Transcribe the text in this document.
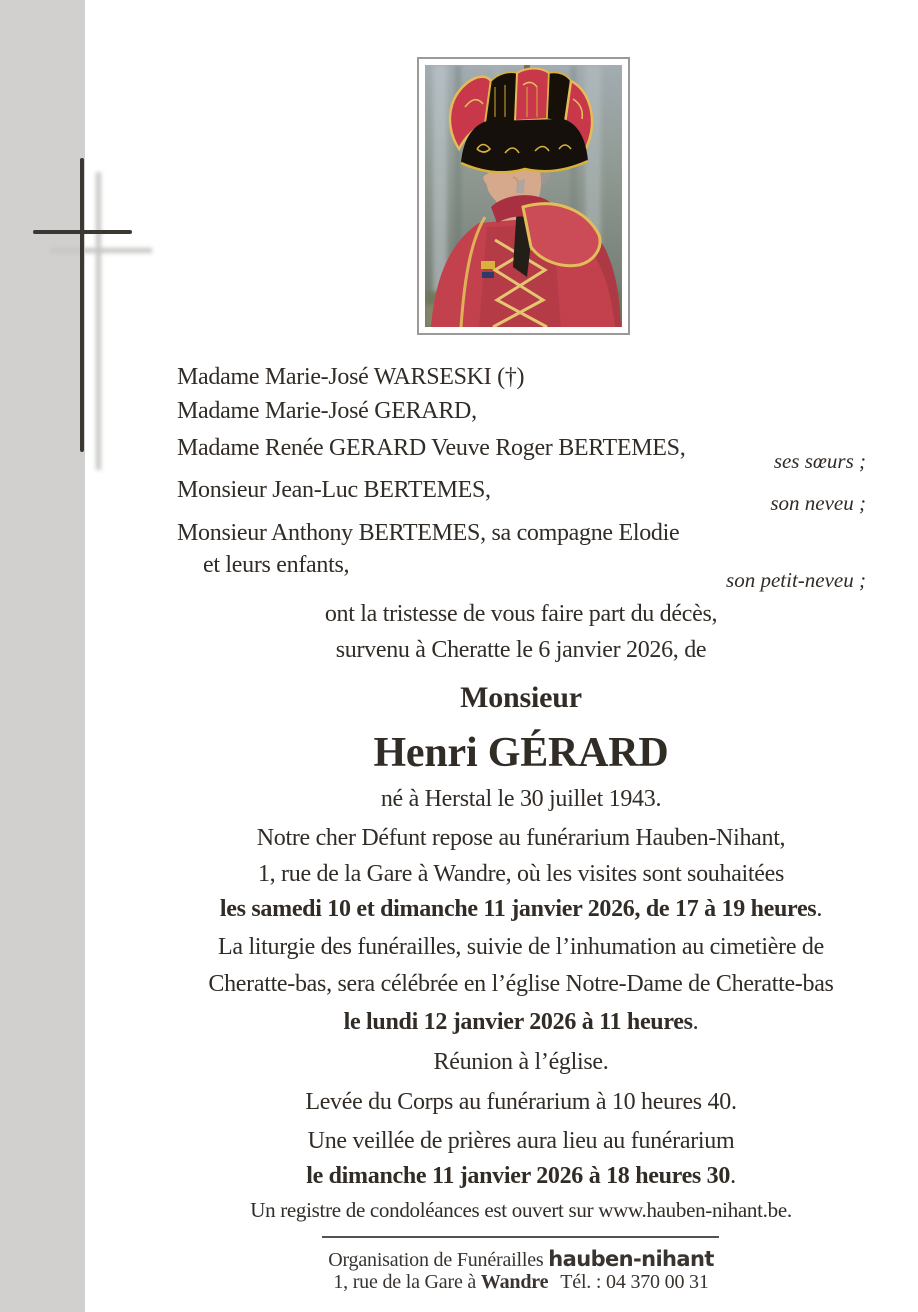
Madame Marie-José WARSESKI (†)
Madame Marie-José GERARD,
Madame Renée GERARD Veuve Roger BERTEMES,
Monsieur Jean-Luc BERTEMES,
Monsieur Anthony BERTEMES, sa compagne Elodie
et leurs enfants,
ses sœurs ;
son neveu ;
son petit-neveu ;
ont la tristesse de vous faire part du décès,
survenu à Cheratte le 6 janvier 2026, de
Monsieur
Henri GÉRARD
né à Herstal le 30 juillet 1943.
Notre cher Défunt repose au funérarium Hauben-Nihant,
1, rue de la Gare à Wandre, où les visites sont souhaitées
les samedi 10 et dimanche 11 janvier 2026, de 17 à 19 heures.
La liturgie des funérailles, suivie de l’inhumation au cimetière de
Cheratte-bas, sera célébrée en l’église Notre-Dame de Cheratte-bas
le lundi 12 janvier 2026 à 11 heures.
Réunion à l’église.
Levée du Corps au funérarium à 10 heures 40.
Une veillée de prières aura lieu au funérarium
le dimanche 11 janvier 2026 à 18 heures 30.
Un registre de condoléances est ouvert sur www.hauben-nihant.be.
Organisation de Funérailles hauben-nihant
1, rue de la Gare à Wandre Tél. : 04 370 00 31
